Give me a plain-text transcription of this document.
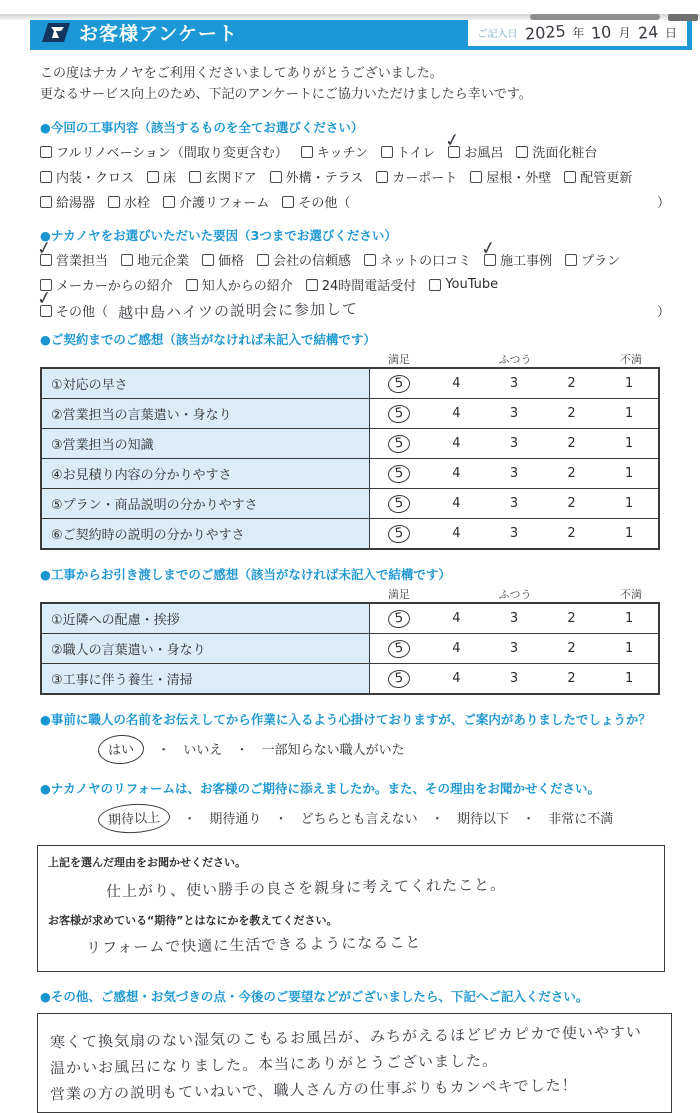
お客様アンケート	ご記入日 2025 年 10 月 24 日
この度はナカノヤをご利用くださいましてありがとうございました。
更なるサービス向上のため、下記のアンケートにご協力いただけましたら幸いです。
●今回の工事内容（該当するものを全てお選びください）
フルリノベーション（間取り変更含む） キッチン トイレ
✓
お風呂 洗面化粧台
内装・クロス 床 玄関ドア 外構・テラス カーポート 屋根・外壁 配管更新
給湯器 水栓 介護リフォーム その他（	）
●ナカノヤをお選びいただいた要因（3つまでお選びください）
✓
営業担当 地元企業 価格 会社の信頼感 ネットの口コミ
✓
施工事例 プラン
メーカーからの紹介 知人からの紹介 24時間電話受付 YouTube
✓
その他（ 越中島ハイツの説明会に参加して	）
●ご契約までのご感想（該当がなければ未記入で結構です）
満足	ふつう	不満
①対応の早さ	5	4	3	2	1
②営業担当の言葉遣い・身なり	5	4	3	2	1
③営業担当の知識	5	4	3	2	1
④お見積り内容の分かりやすさ	5	4	3	2	1
⑤プラン・商品説明の分かりやすさ	5	4	3	2	1
⑥ご契約時の説明の分かりやすさ	5	4	3	2	1
●工事からお引き渡しまでのご感想（該当がなければ未記入で結構です）
満足	ふつう	不満
①近隣への配慮・挨拶	5	4	3	2	1
②職人の言葉遣い・身なり	5	4	3	2	1
③工事に伴う養生・清掃	5	4	3	2	1
●事前に職人の名前をお伝えしてから作業に入るよう心掛けておりますが、ご案内がありましたでしょうか？
はい ・ いいえ ・ 一部知らない職人がいた
●ナカノヤのリフォームは、お客様のご期待に添えましたか。また、その理由をお聞かせください。
期待以上 ・ 期待通り ・ どちらとも言えない ・ 期待以下 ・ 非常に不満
上記を選んだ理由をお聞かせください。
仕上がり、使い勝手の良さを親身に考えてくれたこと。
お客様が求めている“期待”とはなにかを教えてください。
リフォームで快適に生活できるようになること
●その他、ご感想・お気づきの点・今後のご要望などがございましたら、下記へご記入ください。
寒くて換気扇のない湿気のこもるお風呂が、みちがえるほどピカピカで使いやすい
温かいお風呂になりました。本当にありがとうございました。
営業の方の説明もていねいで、職人さん方の仕事ぶりもカンペキでした！
